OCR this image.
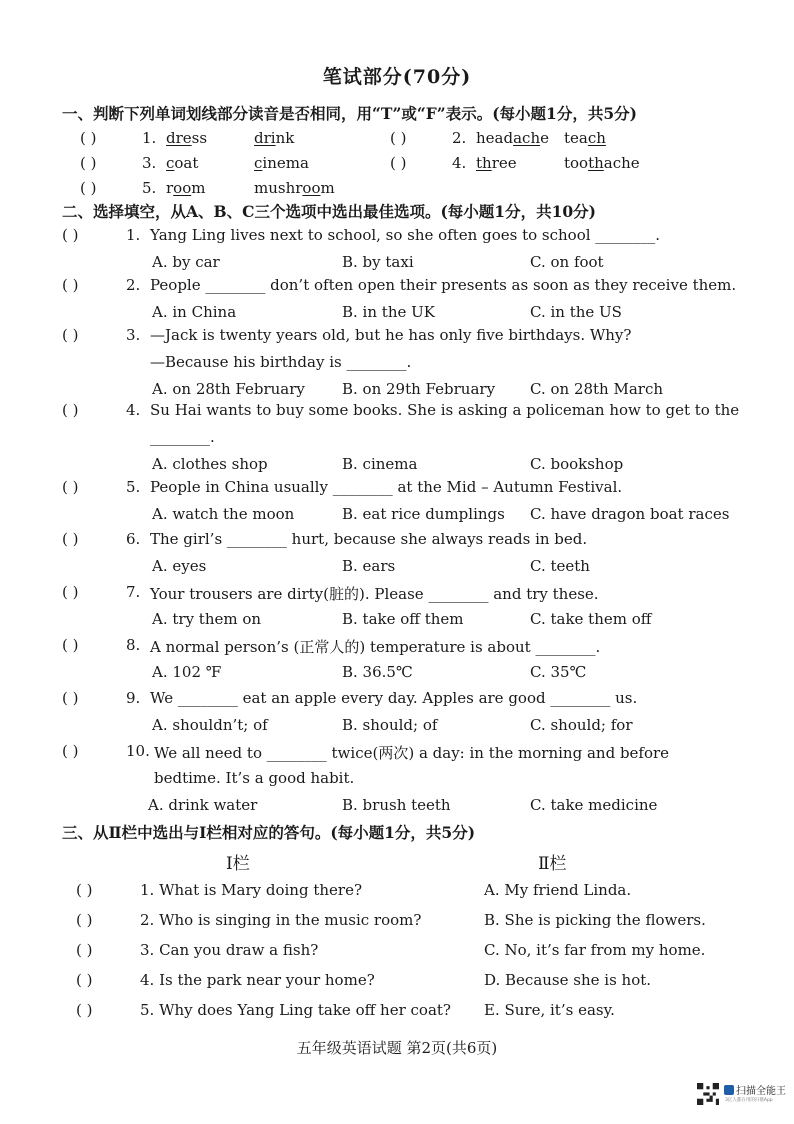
笔试部分(70分)
一、判断下列单词划线部分读音是否相同，用“T”或“F”表示。(每小题1分，共5分)
( )	1. dress	drink	( )	2. headache teach
( )	3. coat	cinema	( )	4. three	toothache
( )	5. room	mushroom
二、选择填空，从A、B、C三个选项中选出最佳选项。(每小题1分，共10分)
( )	1. Yang Ling lives next to school, so she often goes to school ________.
A. by car	B. by taxi	C. on foot
( )	2. People ________ don’t often open their presents as soon as they receive them.
A. in China	B. in the UK	C. in the US
( )	3. —Jack is twenty years old, but he has only five birthdays. Why?
—Because his birthday is ________.
A. on 28th February B. on 29th February C. on 28th March
( )	4. Su Hai wants to buy some books. She is asking a policeman how to get to the
________.
A. clothes shop	B. cinema	C. bookshop
( )	5. People in China usually ________ at the Mid – Autumn Festival.
A. watch the moon	B. eat rice dumplings C. have dragon boat races
( )	6. The girl’s ________ hurt, because she always reads in bed.
A. eyes	B. ears	C. teeth
( )	7. Your trousers are dirty(脏的). Please ________ and try these.
A. try them on	B. take off them	C. take them off
( )	8. A normal person’s (正常人的) temperature is about ________.
A. 102 ℉	B. 36.5℃	C. 35℃
( )	9. We ________ eat an apple every day. Apples are good ________ us.
A. shouldn’t; of	B. should; of	C. should; for
( )	10. We all need to ________ twice(两次) a day: in the morning and before
bedtime. It’s a good habit.
A. drink water	B. brush teeth	C. take medicine
三、从Ⅱ栏中选出与Ⅰ栏相对应的答句。(每小题1分，共5分)
Ⅰ栏	Ⅱ栏
( )	1. What is Mary doing there?	A. My friend Linda.
( )	2. Who is singing in the music room?	B. She is picking the flowers.
( )	3. Can you draw a fish?	C. No, it’s far from my home.
( )	4. Is the park near your home?	D. Because she is hot.
( )	5. Why does Yang Ling take off her coat? E. Sure, it’s easy.
五年级英语试题 第2页(共6页)
扫描全能王
3亿人都在用的扫描App
